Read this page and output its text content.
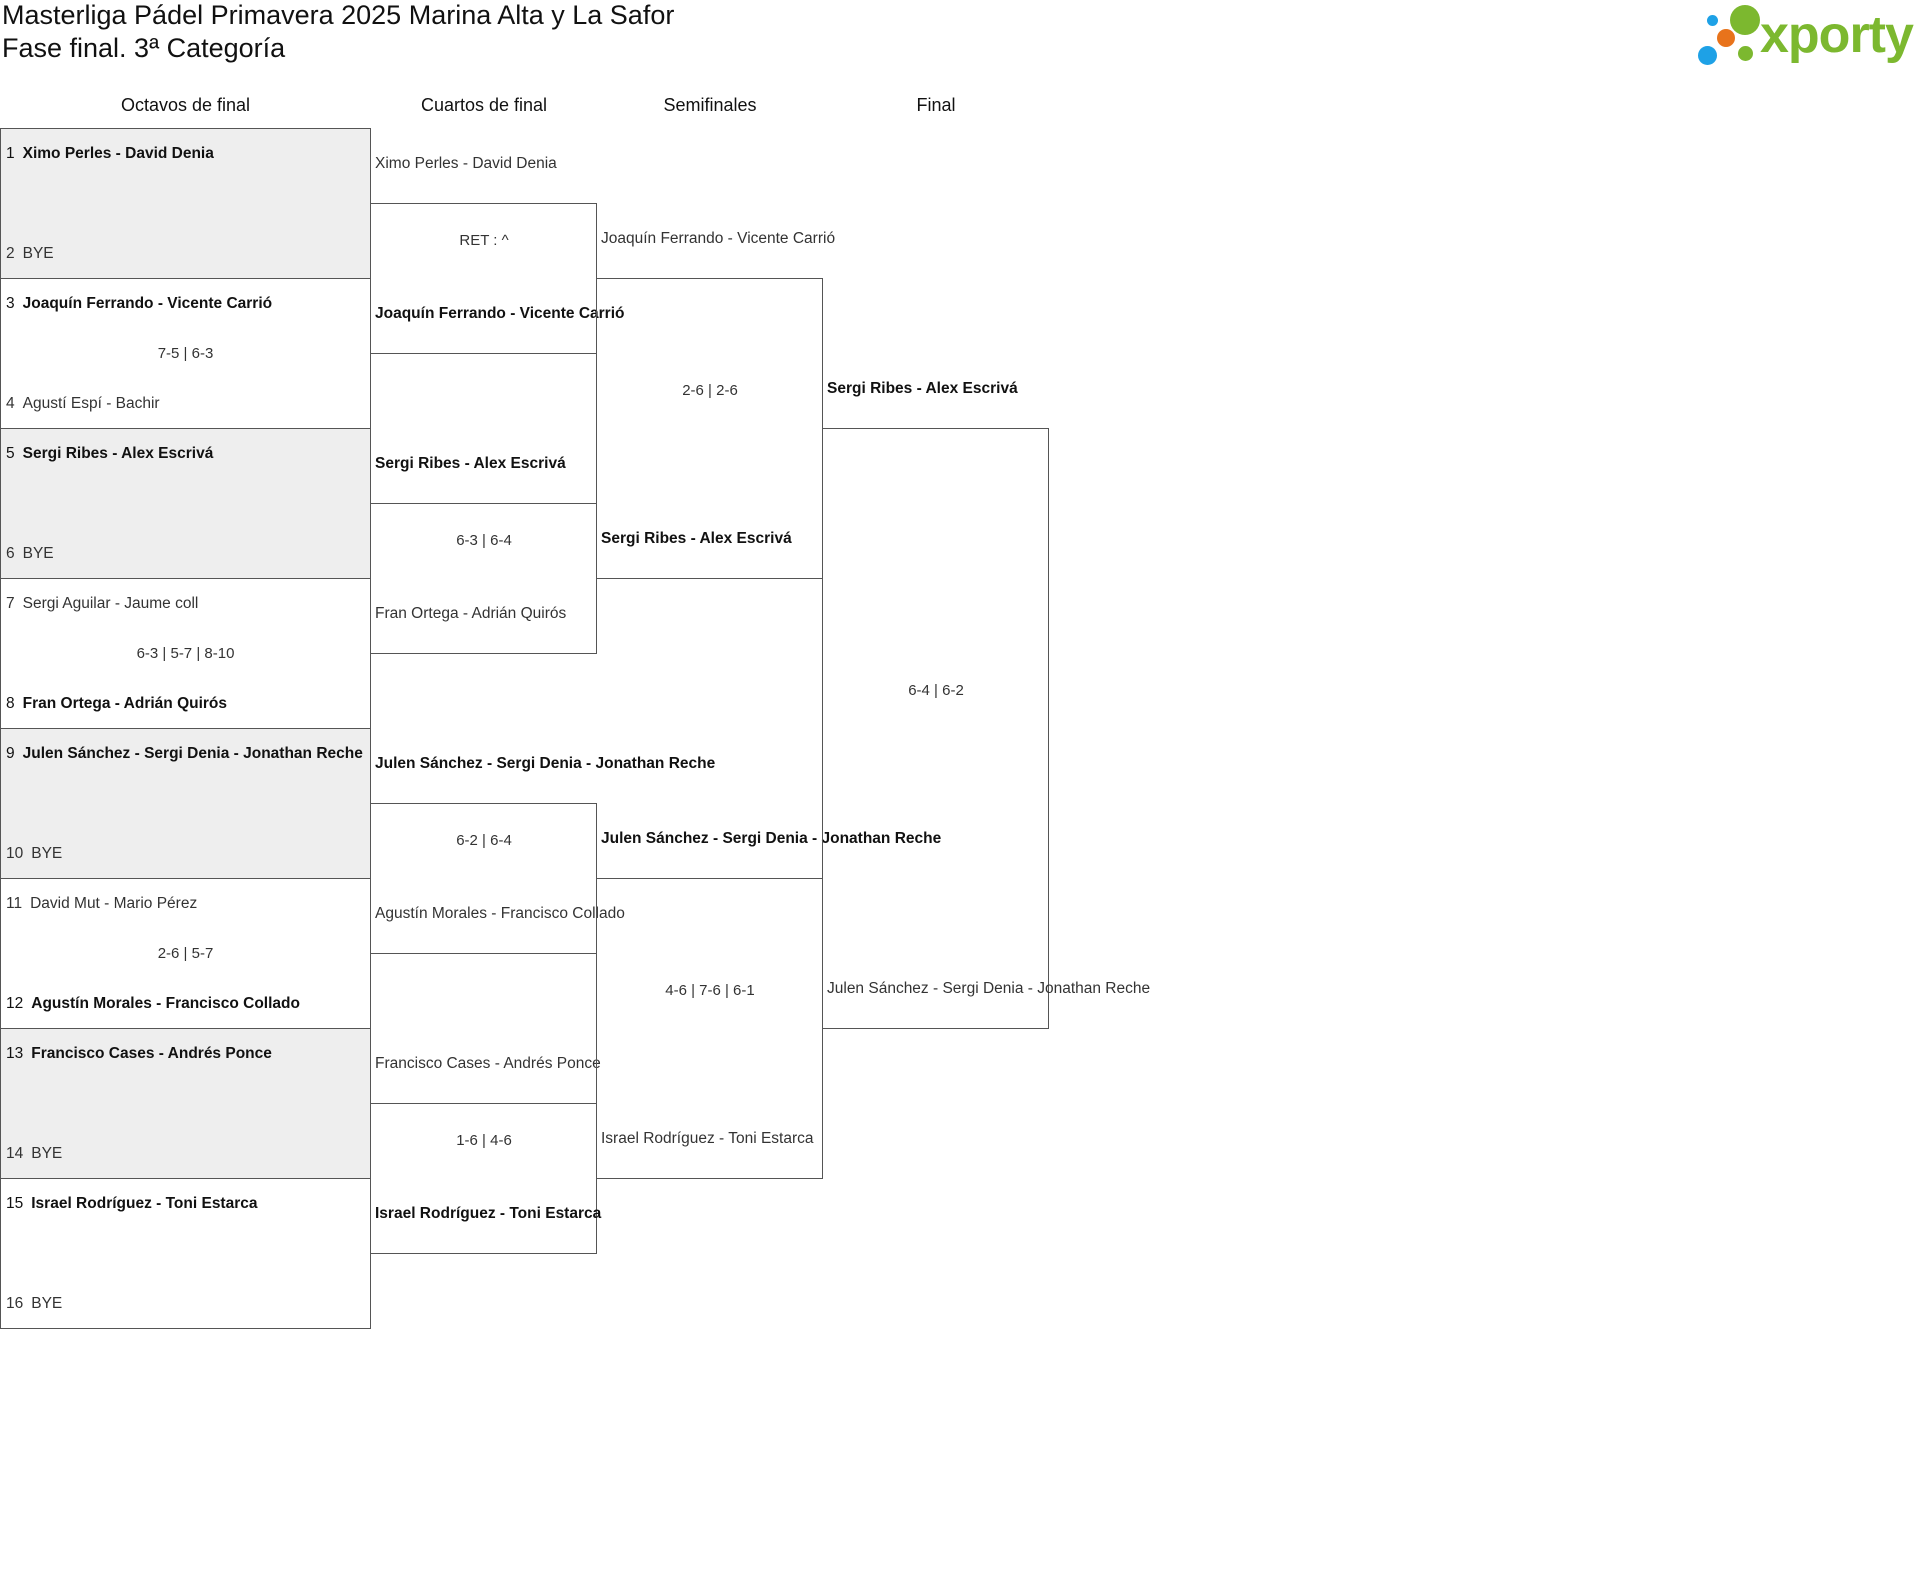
Masterliga Pádel Primavera 2025 Marina Alta y La Safor
Fase final. 3ª Categoría	xporty
Octavos de final	Cuartos de final	Semifinales	Final
1 Ximo Perles - David Denia
2 BYE
3 Joaquín Ferrando - Vicente Carrió
7-5 | 6-3
4 Agustí Espí - Bachir
5 Sergi Ribes - Alex Escrivá
6 BYE
7 Sergi Aguilar - Jaume coll
6-3 | 5-7 | 8-10
8 Fran Ortega - Adrián Quirós
9 Julen Sánchez - Sergi Denia - Jonathan Reche
10 BYE
11 David Mut - Mario Pérez
2-6 | 5-7
12 Agustín Morales - Francisco Collado
13 Francisco Cases - Andrés Ponce
14 BYE
15 Israel Rodríguez - Toni Estarca
16 BYE
Ximo Perles - David Denia
RET : ^
Joaquín Ferrando - Vicente Carrió
Sergi Ribes - Alex Escrivá
6-3 | 6-4
Fran Ortega - Adrián Quirós
Julen Sánchez - Sergi Denia - Jonathan Reche
6-2 | 6-4
Agustín Morales - Francisco Collado
Francisco Cases - Andrés Ponce
1-6 | 4-6
Israel Rodríguez - Toni Estarca
Joaquín Ferrando - Vicente Carrió
2-6 | 2-6
Sergi Ribes - Alex Escrivá
Julen Sánchez - Sergi Denia - Jonathan Reche
4-6 | 7-6 | 6-1
Israel Rodríguez - Toni Estarca
Sergi Ribes - Alex Escrivá
6-4 | 6-2
Julen Sánchez - Sergi Denia - Jonathan Reche
